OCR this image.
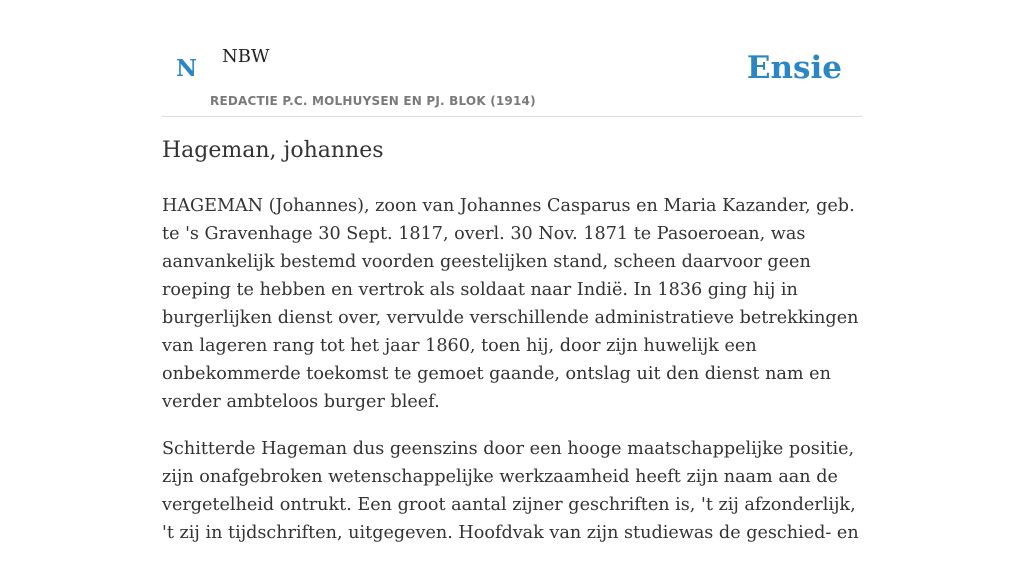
N NBW
REDACTIE P.C. MOLHUYSEN EN PJ. BLOK (1914)
Ensie
Hageman, johannes

HAGEMAN (Johannes), zoon van Johannes Casparus en Maria Kazander, geb. te 's Gravenhage 30 Sept. 1817, overl. 30 Nov. 1871 te Pasoeroean, was aanvankelijk bestemd voorden geestelijken stand, scheen daarvoor geen roeping te hebben en vertrok als soldaat naar Indië. In 1836 ging hij in burgerlijken dienst over, vervulde verschillende administratieve betrekkingen van lageren rang tot het jaar 1860, toen hij, door zijn huwelijk een onbekommerde toekomst te gemoet gaande, ontslag uit den dienst nam en verder ambteloos burger bleef.

Schitterde Hageman dus geenszins door een hooge maatschappelijke positie, zijn onafgebroken wetenschappelijke werkzaamheid heeft zijn naam aan de vergetelheid ontrukt. Een groot aantal zijner geschriften is, 't zij afzonderlijk, 't zij in tijdschriften, uitgegeven. Hoofdvak van zijn studiewas de geschied- en
